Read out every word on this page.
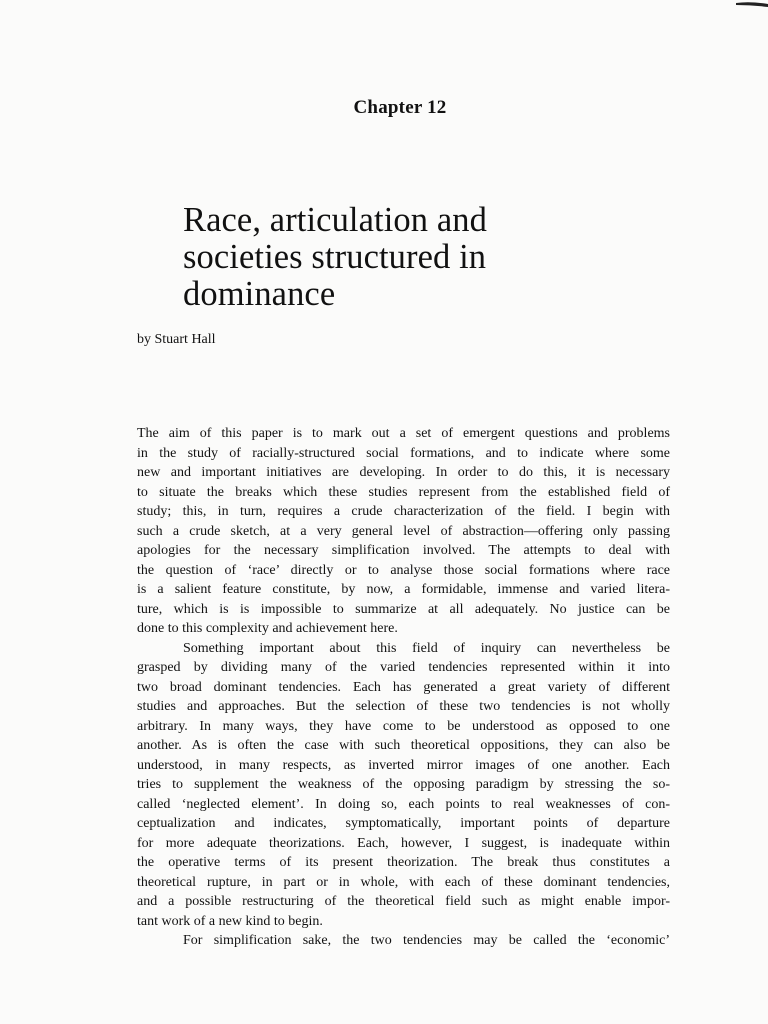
Chapter 12
Race, articulation and
societies structured in
dominance
by Stuart Hall
The aim of this paper is to mark out a set of emergent questions and problems
in the study of racially-structured social formations, and to indicate where some
new and important initiatives are developing. In order to do this, it is necessary
to situate the breaks which these studies represent from the established field of
study; this, in turn, requires a crude characterization of the field. I begin with
such a crude sketch, at a very general level of abstraction—offering only passing
apologies for the necessary simplification involved. The attempts to deal with
the question of ‘race’ directly or to analyse those social formations where race
is a salient feature constitute, by now, a formidable, immense and varied litera-
ture, which is is impossible to summarize at all adequately. No justice can be
done to this complexity and achievement here.
Something important about this field of inquiry can nevertheless be
grasped by dividing many of the varied tendencies represented within it into
two broad dominant tendencies. Each has generated a great variety of different
studies and approaches. But the selection of these two tendencies is not wholly
arbitrary. In many ways, they have come to be understood as opposed to one
another. As is often the case with such theoretical oppositions, they can also be
understood, in many respects, as inverted mirror images of one another. Each
tries to supplement the weakness of the opposing paradigm by stressing the so-
called ‘neglected element’. In doing so, each points to real weaknesses of con-
ceptualization and indicates, symptomatically, important points of departure
for more adequate theorizations. Each, however, I suggest, is inadequate within
the operative terms of its present theorization. The break thus constitutes a
theoretical rupture, in part or in whole, with each of these dominant tendencies,
and a possible restructuring of the theoretical field such as might enable impor-
tant work of a new kind to begin.
For simplification sake, the two tendencies may be called the ‘economic’
